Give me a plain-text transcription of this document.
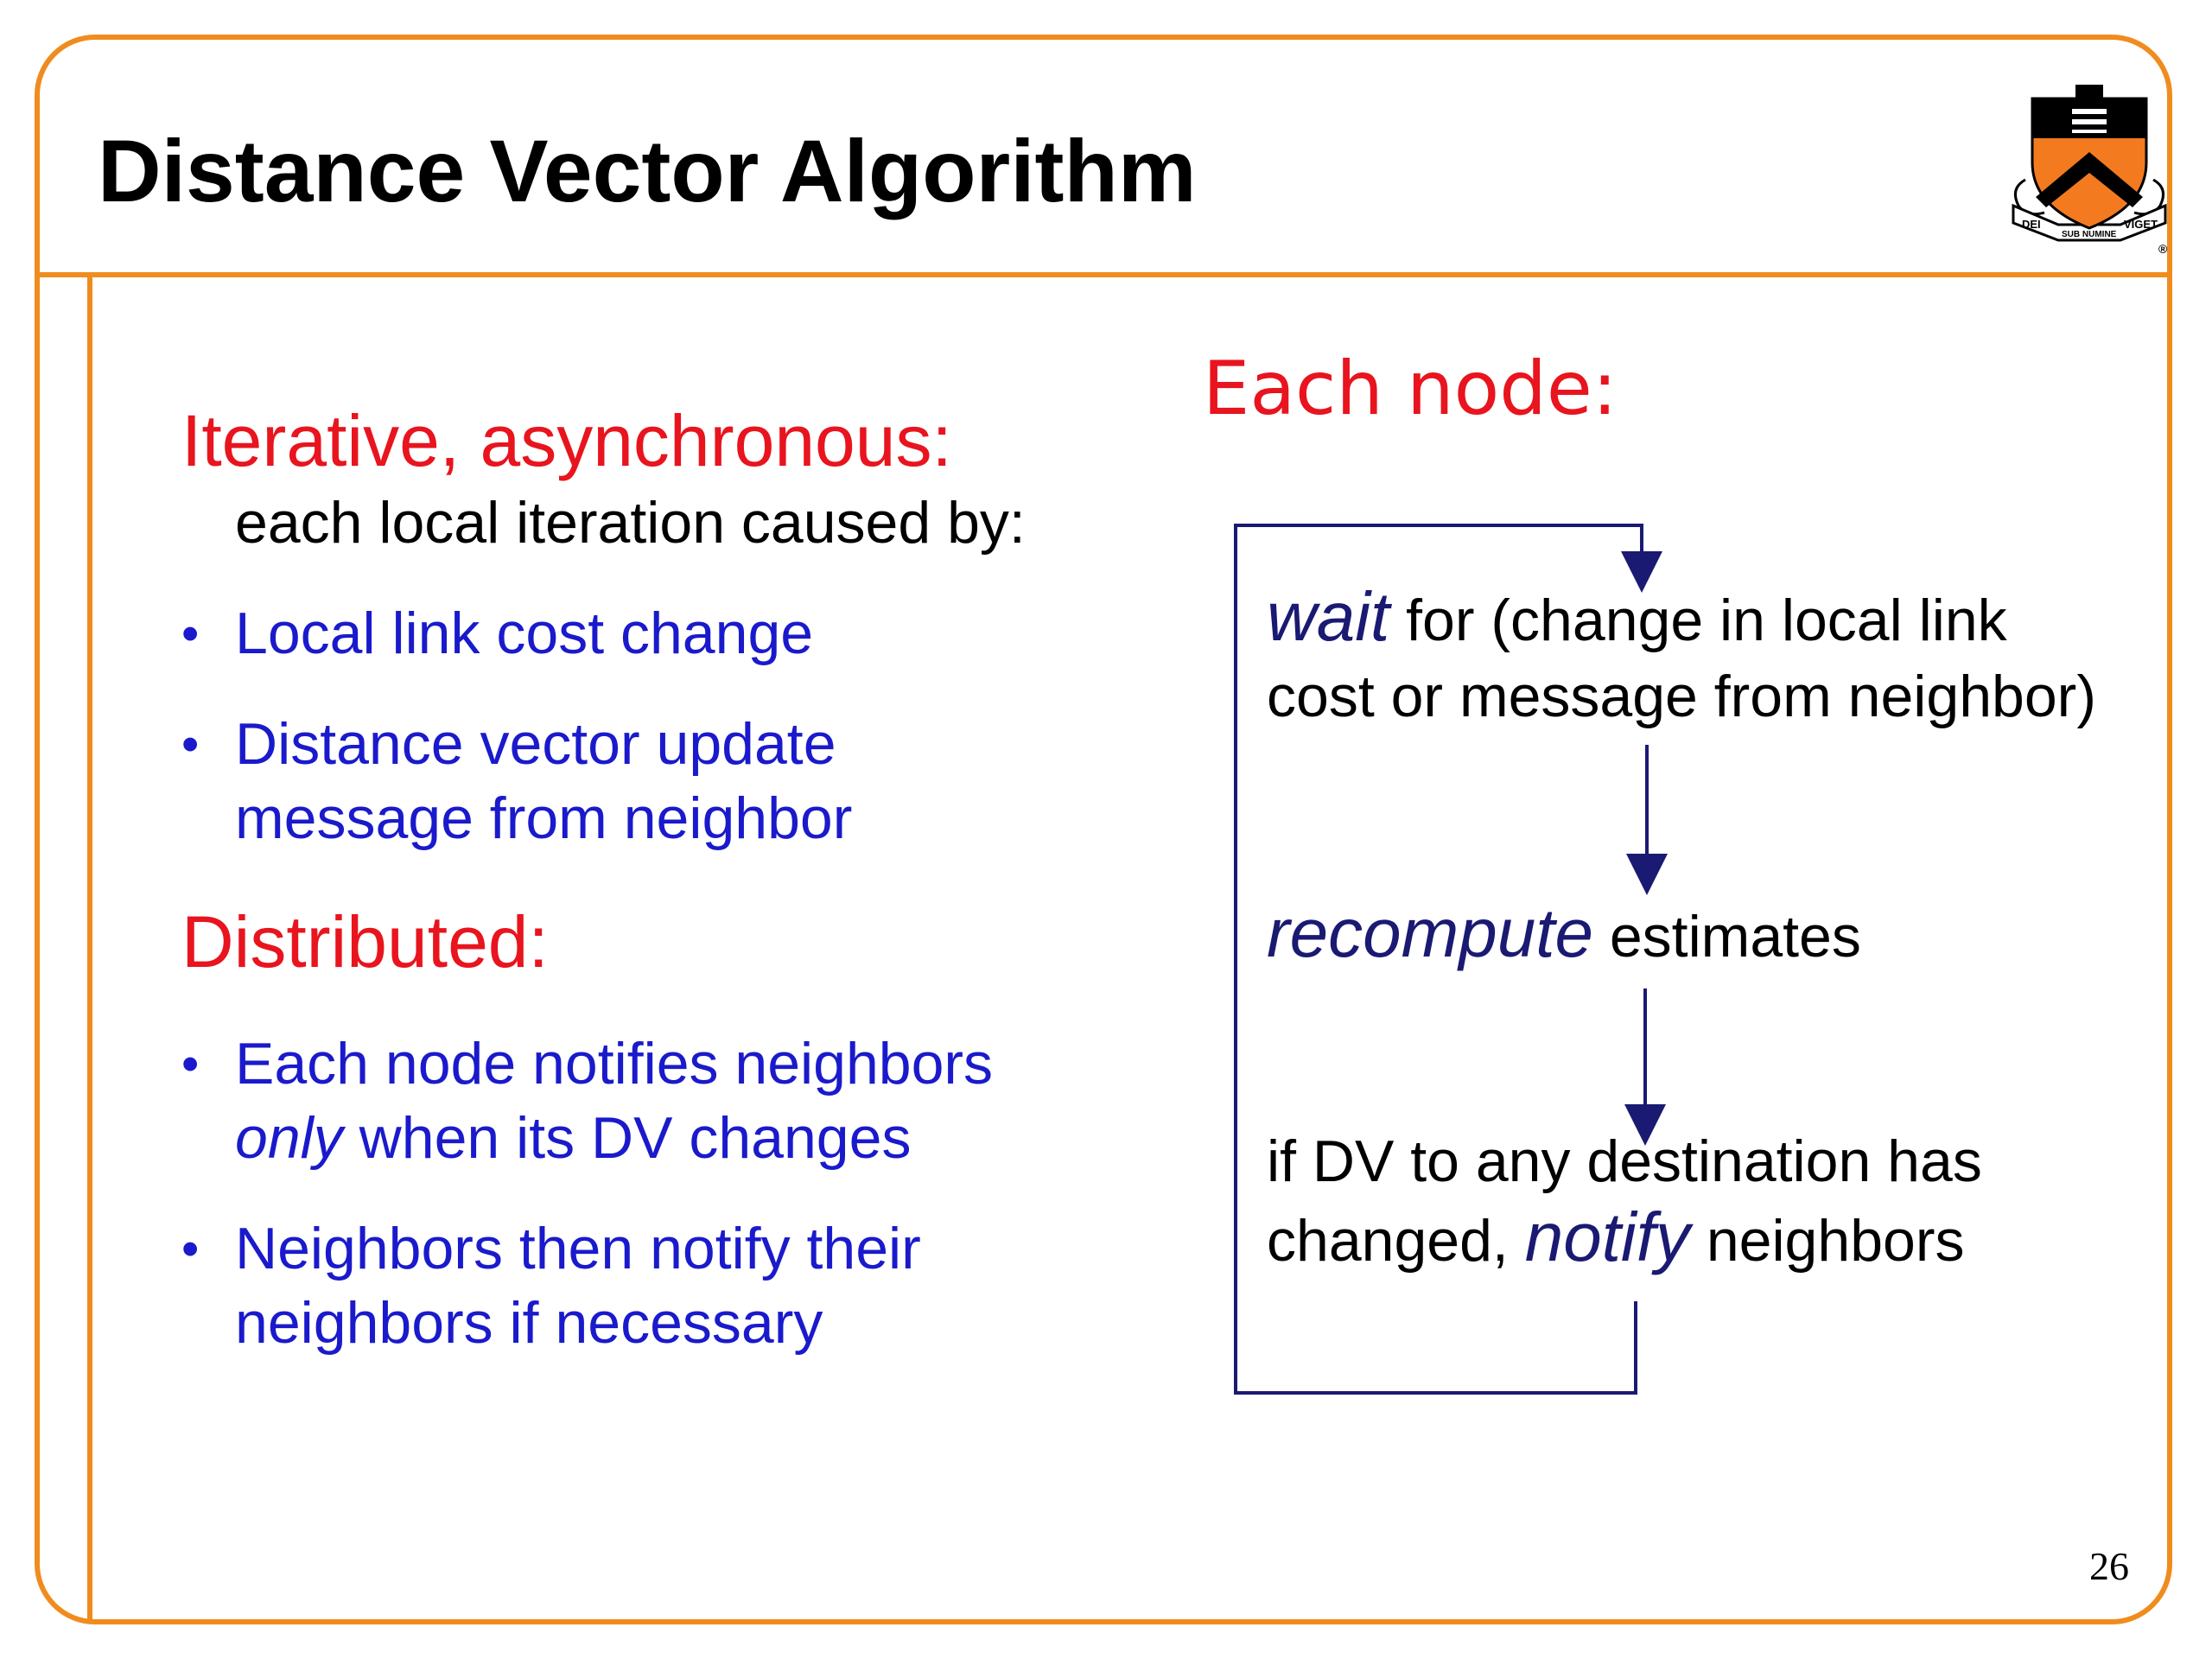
Distance Vector Algorithm
DEI
SUB NUMINE
VIGET
®
Iterative, asynchronous:
each local iteration caused by:
• Local link cost change
• Distance vector update
message from neighbor
Distributed:
• Each node notifies neighbors
only when its DV changes
• Neighbors then notify their
neighbors if necessary
Each node:
wait for (change in local link
cost or message from neighbor)
recompute estimates
if DV to any destination has
changed, notify neighbors
26
